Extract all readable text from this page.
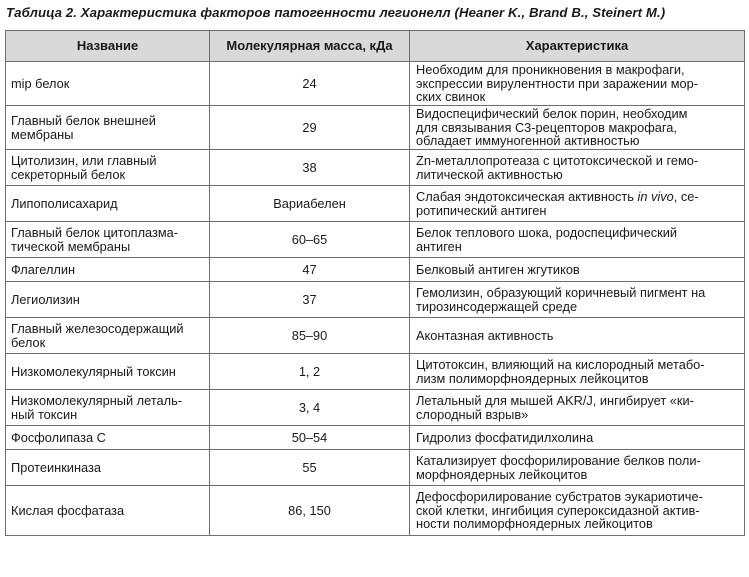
Таблица 2. Характеристика факторов патогенности легионелл (Heaner K., Brand B., Steinert M.)
Название	Молекулярная масса, кДа	Характеристика

mip белок	24	Необходим для проникновения в макрофаги,
экспрессии вирулентности при заражении мор-
ских свинок

Главный белок внешней
мембраны	29	Видоспецифический белок порин, необходим
для связывания С3-рецепторов макрофага,
обладает иммуногенной активностью

Цитолизин, или главный
секреторный белок	38	Zn-металлопротеаза с цитотоксической и гемо-
литической активностью

Липополисахарид	Вариабелен	Слабая эндотоксическая активность in vivo, се-
ротипический антиген

Главный белок цитоплазма-
тической мембраны	60–65	Белок теплового шока, родоспецифический
антиген

Флагеллин	47	Белковый антиген жгутиков

Легиолизин	37	Гемолизин, образующий коричневый пигмент на
тирозинсодержащей среде

Главный железосодержащий
белок	85–90	Аконтазная активность

Низкомолекулярный токсин	1, 2	Цитотоксин, влияющий на кислородный метабо-
лизм полиморфноядерных лейкоцитов

Низкомолекулярный леталь-
ный токсин	3, 4	Летальный для мышей AKR/J, ингибирует «ки-
слородный взрыв»

Фосфолипаза С	50–54	Гидролиз фосфатидилхолина

Протеинкиназа	55	Катализирует фосфорилирование белков поли-
морфноядерных лейкоцитов

Кислая фосфатаза	86, 150	Дефосфорилирование субстратов эукариотиче-
ской клетки, ингибиция супероксидазной актив-
ности полиморфноядерных лейкоцитов
